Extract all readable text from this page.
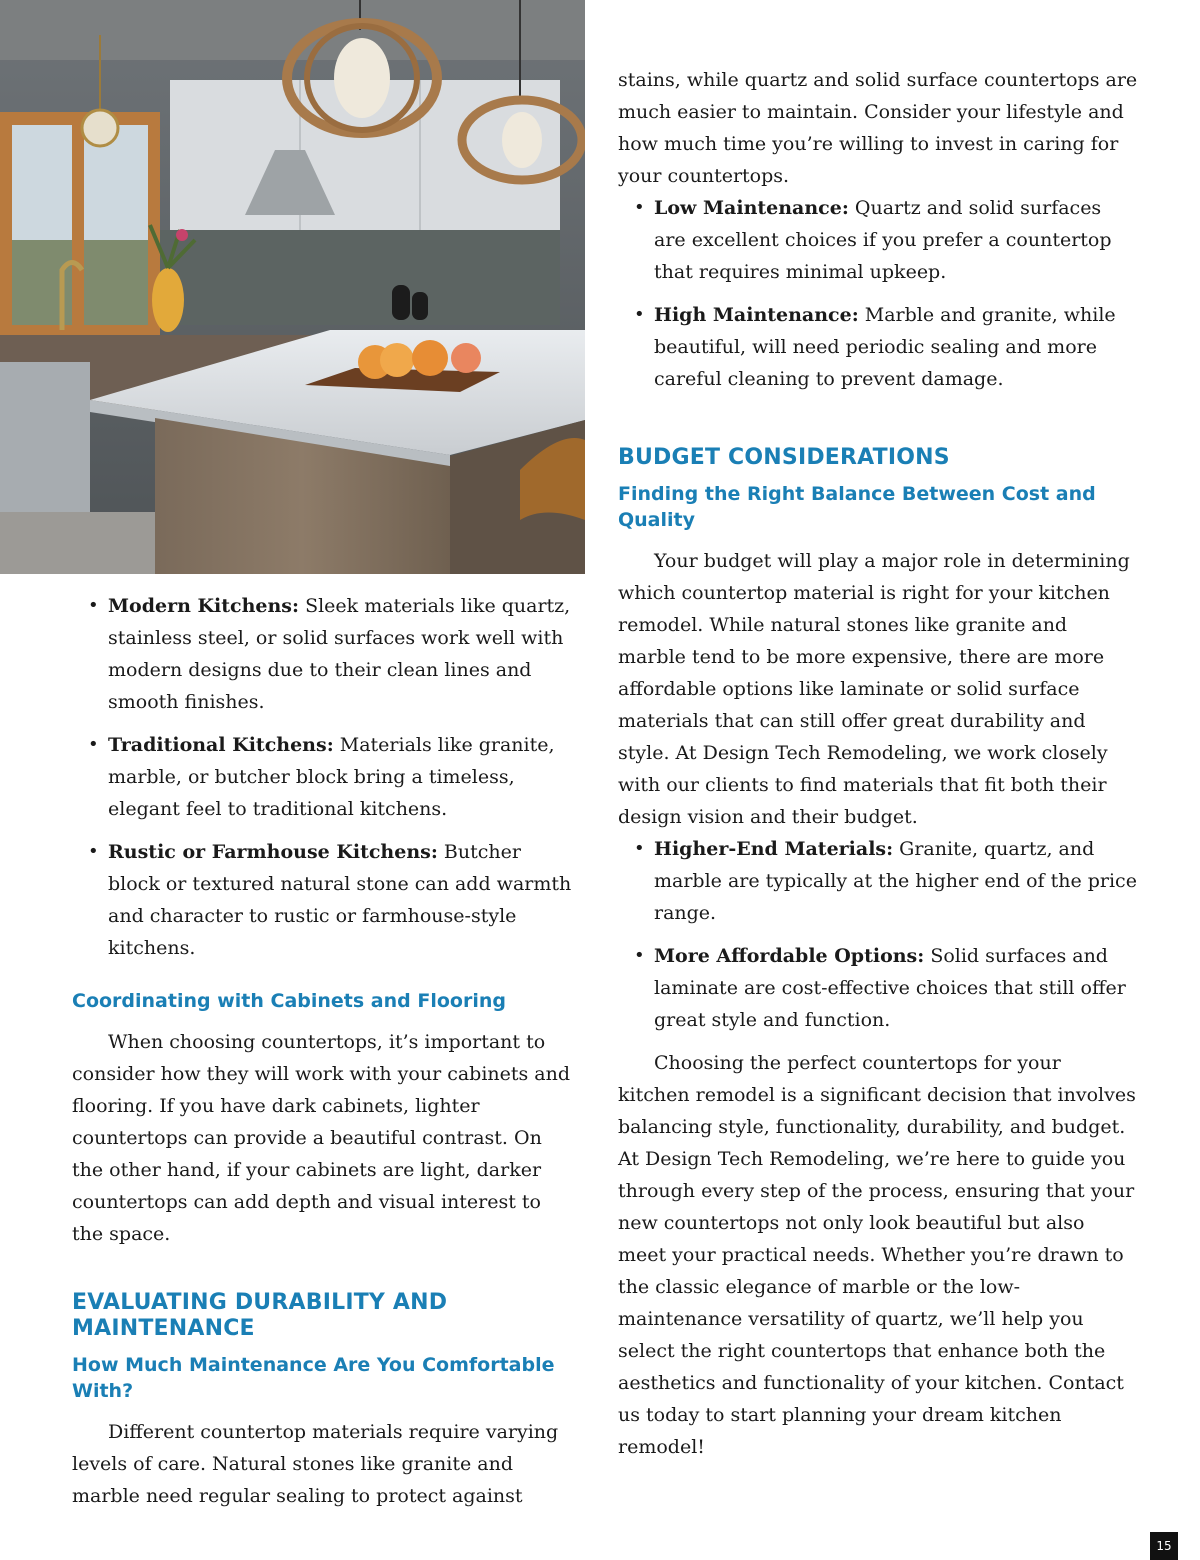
• Modern Kitchens: Sleek materials like quartz, stainless steel, or solid surfaces work well with modern designs due to their clean lines and smooth finishes.
• Traditional Kitchens: Materials like granite, marble, or butcher block bring a timeless, elegant feel to traditional kitchens.
• Rustic or Farmhouse Kitchens: Butcher block or textured natural stone can add warmth and character to rustic or farmhouse-style kitchens.
Coordinating with Cabinets and Flooring

When choosing countertops, it’s important to consider how they will work with your cabinets and flooring. If you have dark cabinets, lighter countertops can provide a beautiful contrast. On the other hand, if your cabinets are light, darker countertops can add depth and visual interest to the space.

EVALUATING DURABILITY AND MAINTENANCE
How Much Maintenance Are You Comfortable With?

Different countertop materials require varying levels of care. Natural stones like granite and marble need regular sealing to protect against

stains, while quartz and solid surface countertops are much easier to maintain. Consider your lifestyle and how much time you’re willing to invest in caring for your countertops.

• Low Maintenance: Quartz and solid surfaces are excellent choices if you prefer a countertop that requires minimal upkeep.
• High Maintenance: Marble and granite, while beautiful, will need periodic sealing and more careful cleaning to prevent damage.
BUDGET CONSIDERATIONS
Finding the Right Balance Between Cost and Quality

Your budget will play a major role in determining which countertop material is right for your kitchen remodel. While natural stones like granite and marble tend to be more expensive, there are more affordable options like laminate or solid surface materials that can still offer great durability and style. At Design Tech Remodeling, we work closely with our clients to find materials that fit both their design vision and their budget.

• Higher-End Materials: Granite, quartz, and marble are typically at the higher end of the price range.
• More Affordable Options: Solid surfaces and laminate are cost-effective choices that still offer great style and function.

Choosing the perfect countertops for your kitchen remodel is a significant decision that involves balancing style, functionality, durability, and budget. At Design Tech Remodeling, we’re here to guide you through every step of the process, ensuring that your new countertops not only look beautiful but also meet your practical needs. Whether you’re drawn to the classic elegance of marble or the low-maintenance versatility of quartz, we’ll help you select the right countertops that enhance both the aesthetics and functionality of your kitchen. Contact us today to start planning your dream kitchen remodel!

15
